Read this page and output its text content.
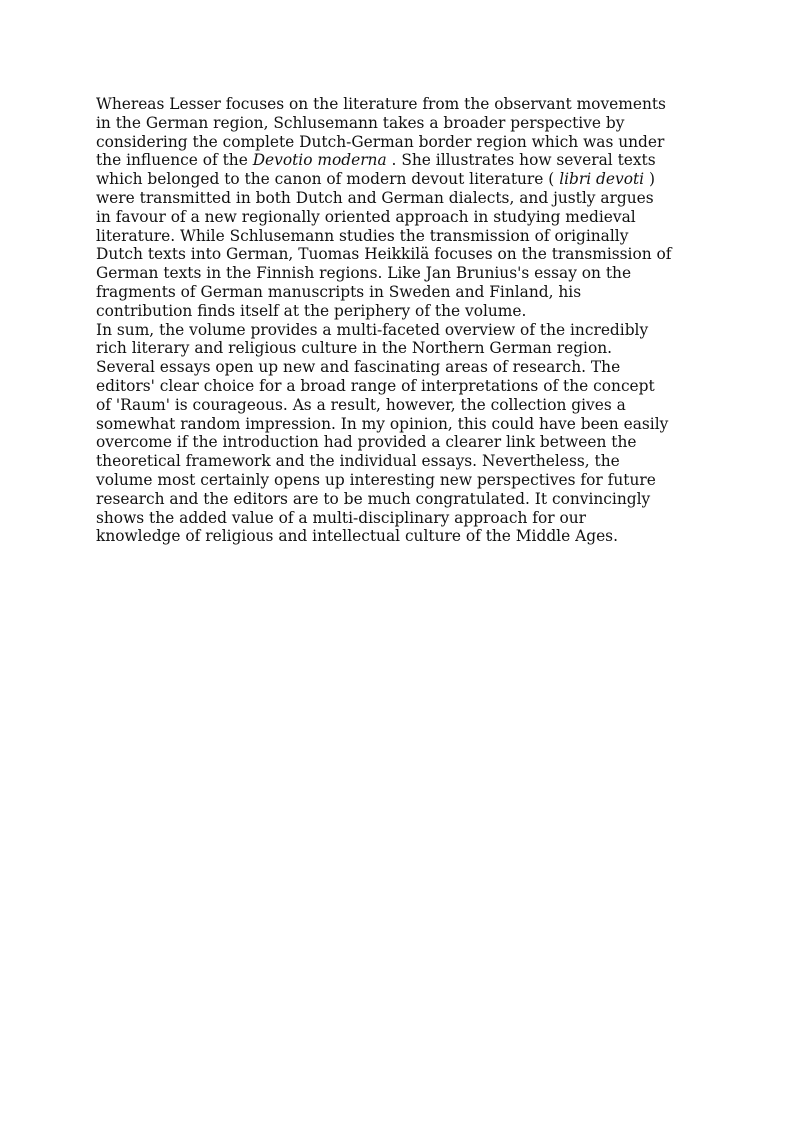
Whereas Lesser focuses on the literature from the observant movements
in the German region, Schlusemann takes a broader perspective by
considering the complete Dutch-German border region which was under
the influence of the Devotio moderna . She illustrates how several texts
which belonged to the canon of modern devout literature ( libri devoti )
were transmitted in both Dutch and German dialects, and justly argues
in favour of a new regionally oriented approach in studying medieval
literature. While Schlusemann studies the transmission of originally
Dutch texts into German, Tuomas Heikkilä focuses on the transmission of
German texts in the Finnish regions. Like Jan Brunius's essay on the
fragments of German manuscripts in Sweden and Finland, his
contribution finds itself at the periphery of the volume.

In sum, the volume provides a multi-faceted overview of the incredibly
rich literary and religious culture in the Northern German region.
Several essays open up new and fascinating areas of research. The
editors' clear choice for a broad range of interpretations of the concept
of 'Raum' is courageous. As a result, however, the collection gives a
somewhat random impression. In my opinion, this could have been easily
overcome if the introduction had provided a clearer link between the
theoretical framework and the individual essays. Nevertheless, the
volume most certainly opens up interesting new perspectives for future
research and the editors are to be much congratulated. It convincingly
shows the added value of a multi-disciplinary approach for our
knowledge of religious and intellectual culture of the Middle Ages.
